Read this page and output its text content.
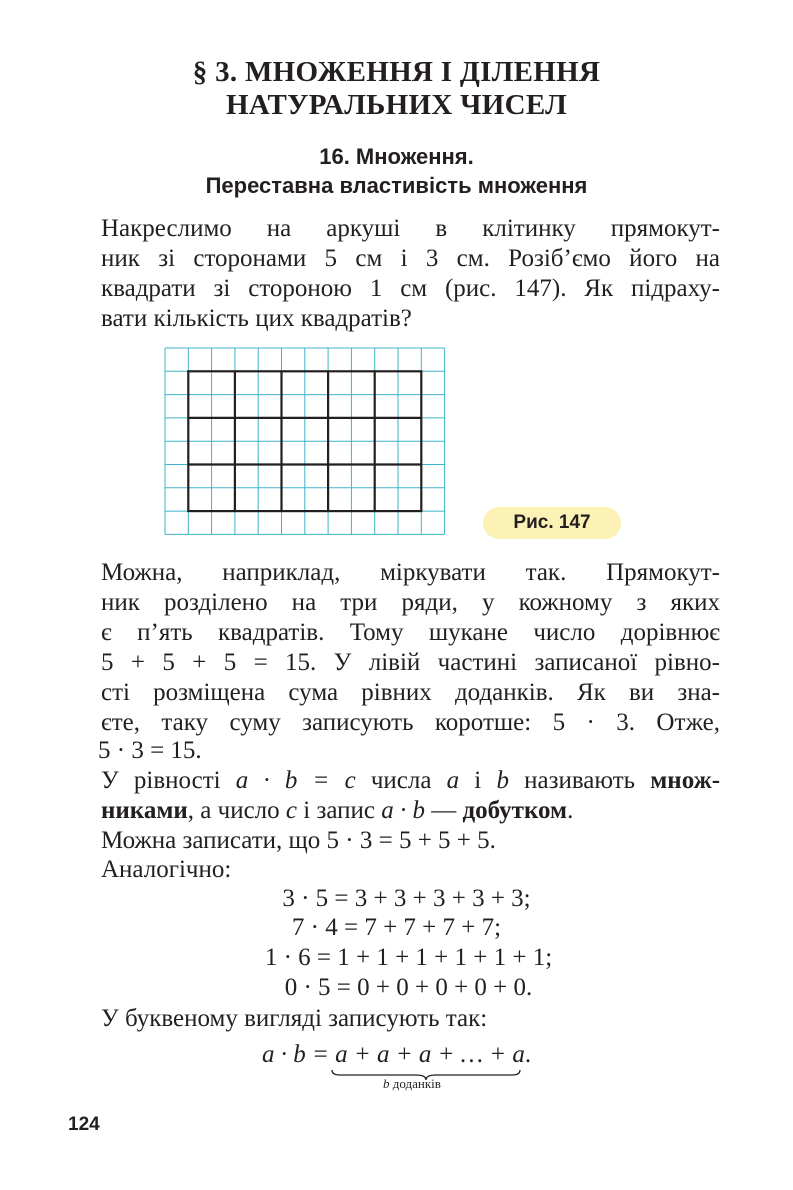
§ 3. МНОЖЕННЯ І ДІЛЕННЯ
НАТУРАЛЬНИХ ЧИСЕЛ
16. Множення.
Переставна властивість множення
Накреслимо на аркуші в клітинку прямокут-
ник зі сторонами 5 см і 3 см. Розіб’ємо його на
квадрати зі стороною 1 см (рис. 147). Як підраху-
вати кількість цих квадратів?
Рис. 147
Можна, наприклад, міркувати так. Прямокут-
ник розділено на три ряди, у кожному з яких
є п’ять квадратів. Тому шукане число дорівнює
5 + 5 + 5 = 15. У лівій частині записаної рівно-
сті розміщена сума рівних доданків. Як ви зна-
єте, таку суму записують коротше: 5 · 3. Отже,
5 · 3 = 15.
У рівності a · b = c числа a і b називають множ-
никами, а число c і запис a · b — добутком.
Можна записати, що 5 · 3 = 5 + 5 + 5.
Аналогічно:
3 · 5 = 3 + 3 + 3 + 3 + 3;
7 · 4 = 7 + 7 + 7 + 7;
1 · 6 = 1 + 1 + 1 + 1 + 1 + 1;
0 · 5 = 0 + 0 + 0 + 0 + 0.
У буквеному вигляді записують так:
a · b = a + a + a + … + a.
b доданків
124
